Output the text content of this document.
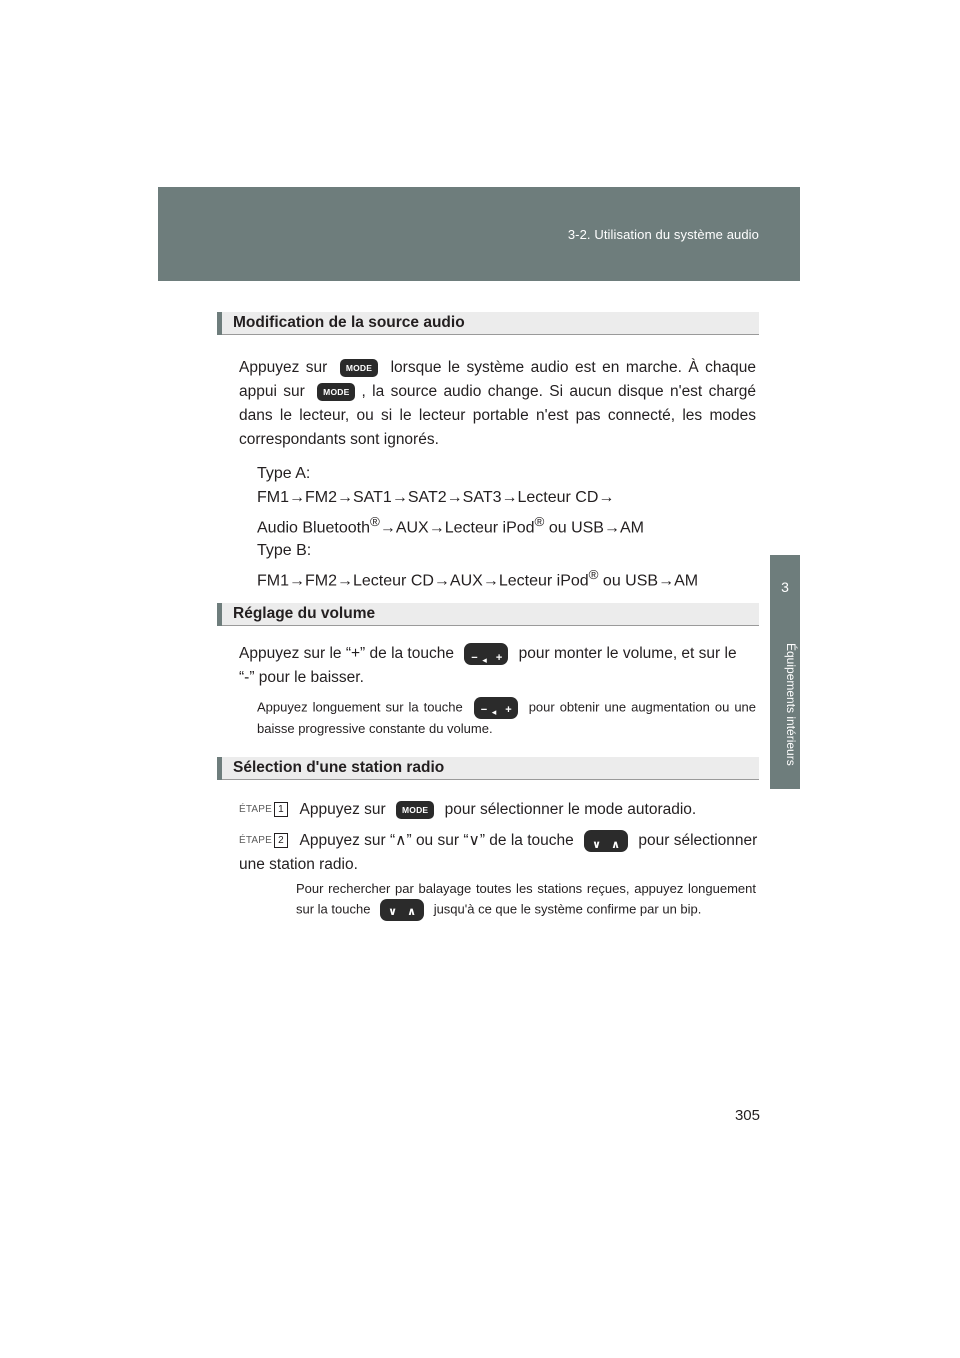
3-2. Utilisation du système audio
3
Équipements intérieurs
Modification de la source audio
Appuyez sur MODE lorsque le système audio est en marche. À chaque appui sur MODE , la source audio change. Si aucun disque n'est chargé dans le lecteur, ou si le lecteur portable n'est pas connecté, les modes correspondants sont ignorés.
Type A:
FM1→FM2→SAT1→SAT2→SAT3→Lecteur CD→
Audio Bluetooth®→AUX→Lecteur iPod® ou USB→AM
Type B:
FM1→FM2→Lecteur CD→AUX→Lecteur iPod® ou USB→AM
Réglage du volume
Appuyez sur le “+” de la touche − ◂ + pour monter le volume, et sur le “-” pour le baisser.
Appuyez longuement sur la touche − ◂ + pour obtenir une augmentation ou une baisse progressive constante du volume.
Sélection d'une station radio
ÉTAPE 1 Appuyez sur MODE pour sélectionner le mode autoradio.
ÉTAPE 2 Appuyez sur “∧” ou sur “∨” de la touche ∨ ∧ pour sélectionner une station radio.
Pour rechercher par balayage toutes les stations reçues, appuyez longuement sur la touche ∨ ∧ jusqu'à ce que le système confirme par un bip.
305
